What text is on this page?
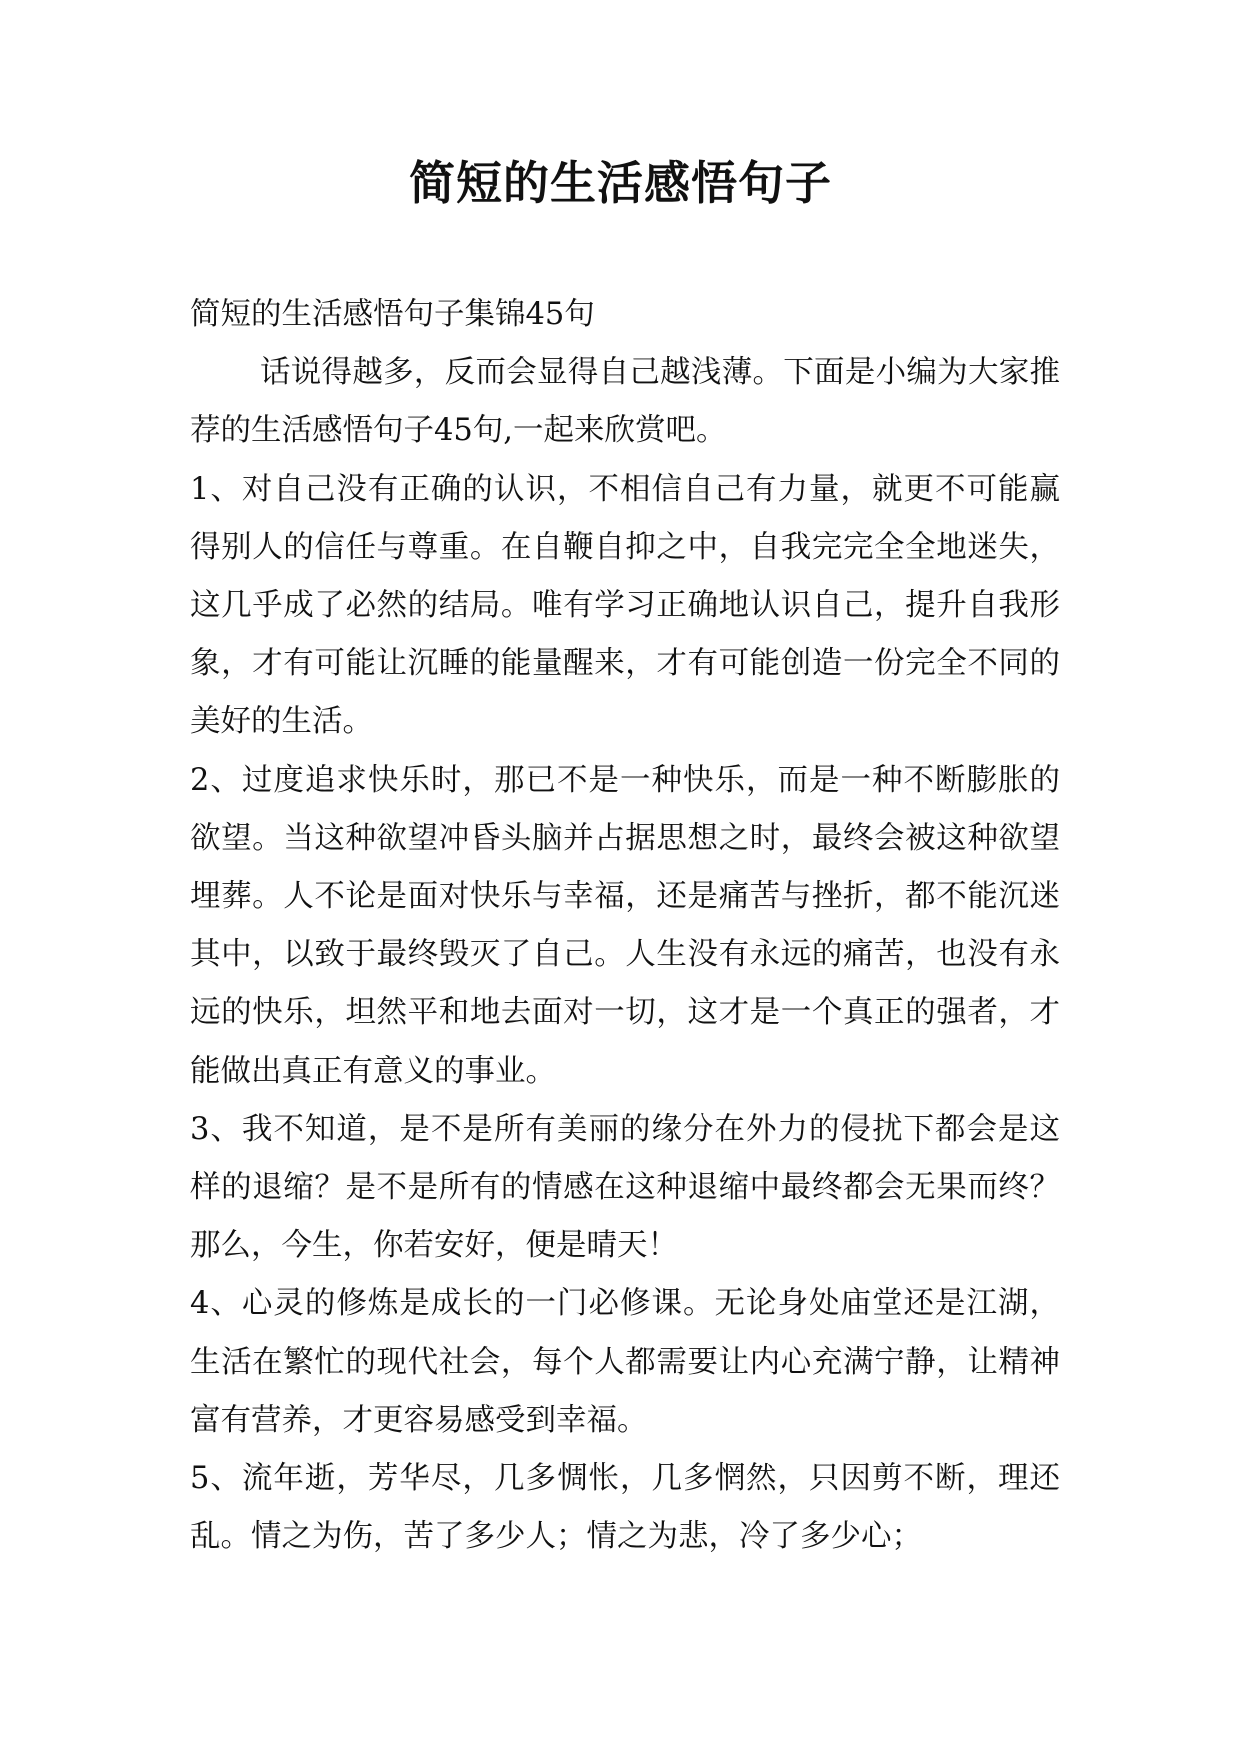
简短的生活感悟句子

简短的生活感悟句子集锦45句

话说得越多，反而会显得自己越浅薄。下面是小编为大家推荐的生活感悟句子45句,一起来欣赏吧。

1、对自己没有正确的认识，不相信自己有力量，就更不可能赢得别人的信任与尊重。在自鞭自抑之中，自我完完全全地迷失，这几乎成了必然的结局。唯有学习正确地认识自己，提升自我形象，才有可能让沉睡的能量醒来，才有可能创造一份完全不同的美好的生活。

2、过度追求快乐时，那已不是一种快乐，而是一种不断膨胀的欲望。当这种欲望冲昏头脑并占据思想之时，最终会被这种欲望埋葬。人不论是面对快乐与幸福，还是痛苦与挫折，都不能沉迷其中，以致于最终毁灭了自己。人生没有永远的痛苦，也没有永远的快乐，坦然平和地去面对一切，这才是一个真正的强者，才能做出真正有意义的事业。

3、我不知道，是不是所有美丽的缘分在外力的侵扰下都会是这样的退缩？是不是所有的情感在这种退缩中最终都会无果而终？那么，今生，你若安好，便是晴天！

4、心灵的修炼是成长的一门必修课。无论身处庙堂还是江湖，生活在繁忙的现代社会，每个人都需要让内心充满宁静，让精神富有营养，才更容易感受到幸福。

5、流年逝，芳华尽，几多惆怅，几多惘然，只因剪不断，理还乱。情之为伤，苦了多少人；情之为悲，冷了多少心；
